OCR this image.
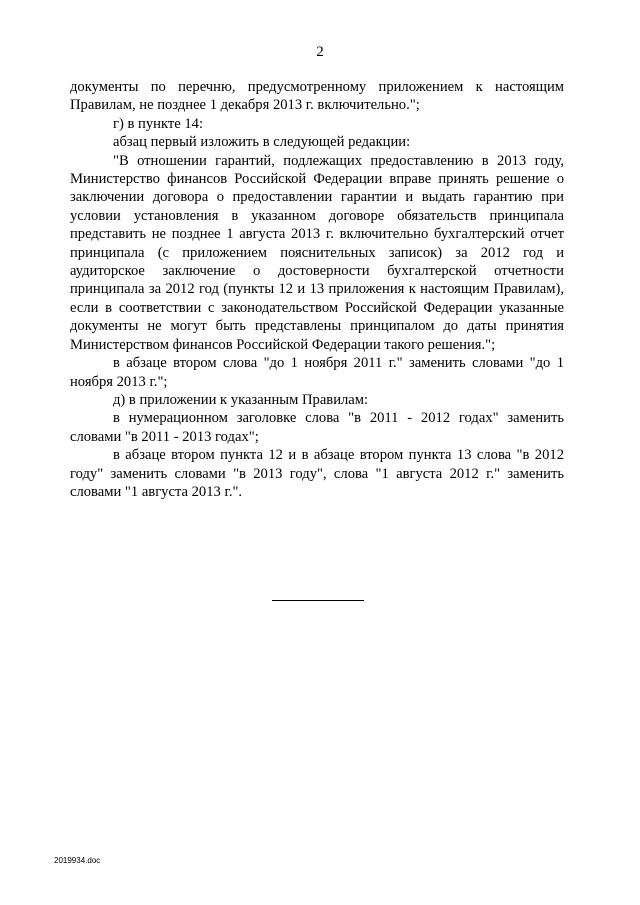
2

документы по перечню, предусмотренному приложением к настоящим Правилам, не позднее 1 декабря 2013 г. включительно.";

г) в пункте 14:

абзац первый изложить в следующей редакции:

"В отношении гарантий, подлежащих предоставлению в 2013 году, Министерство финансов Российской Федерации вправе принять решение о заключении договора о предоставлении гарантии и выдать гарантию при условии установления в указанном договоре обязательств принципала представить не позднее 1 августа 2013 г. включительно бухгалтерский отчет принципала (с приложением пояснительных записок) за 2012 год и аудиторское заключение о достоверности бухгалтерской отчетности принципала за 2012 год (пункты 12 и 13 приложения к настоящим Правилам), если в соответствии с законодательством Российской Федерации указанные документы не могут быть представлены принципалом до даты принятия Министерством финансов Российской Федерации такого решения.";

в абзаце втором слова "до 1 ноября 2011 г." заменить словами "до 1 ноября 2013 г.";

д) в приложении к указанным Правилам:

в нумерационном заголовке слова "в 2011 - 2012 годах" заменить словами "в 2011 - 2013 годах";

в абзаце втором пункта 12 и в абзаце втором пункта 13 слова "в 2012 году" заменить словами "в 2013 году", слова "1 августа 2012 г." заменить словами "1 августа 2013 г.".

2019934.doc
